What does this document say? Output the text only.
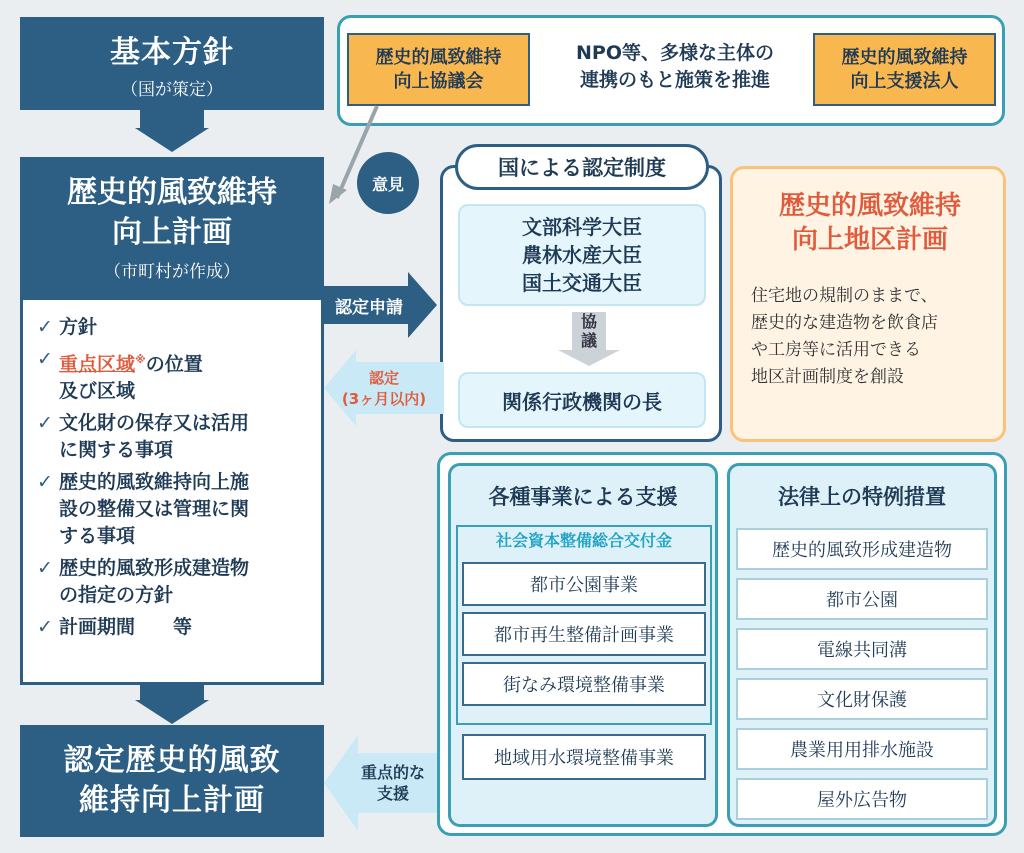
基本方針
（国が策定）
歴史的風致維持
向上計画
（市町村が作成）
✓ 方針
✓ 重点区域※の位置
及び区域
✓ 文化財の保存又は活用
に関する事項
✓ 歴史的風致維持向上施
設の整備又は管理に関
する事項
✓ 歴史的風致形成建造物
の指定の方針
✓ 計画期間　　等
認定歴史的風致
維持向上計画
歴史的風致維持
向上協議会
NPO等、多様な主体の
連携のもと施策を推進
歴史的風致維持
向上支援法人
意見
国による認定制度
文部科学大臣
農林水産大臣
国土交通大臣
協
議
関係行政機関の長
認定申請
認定
(3ヶ月以内)
重点的な
支援
歴史的風致維持
向上地区計画
住宅地の規制のままで、
歴史的な建造物を飲食店
や工房等に活用できる
地区計画制度を創設
各種事業による支援
社会資本整備総合交付金
都市公園事業
都市再生整備計画事業
街なみ環境整備事業
地域用水環境整備事業
法律上の特例措置
歴史的風致形成建造物
都市公園
電線共同溝
文化財保護
農業用用排水施設
屋外広告物
